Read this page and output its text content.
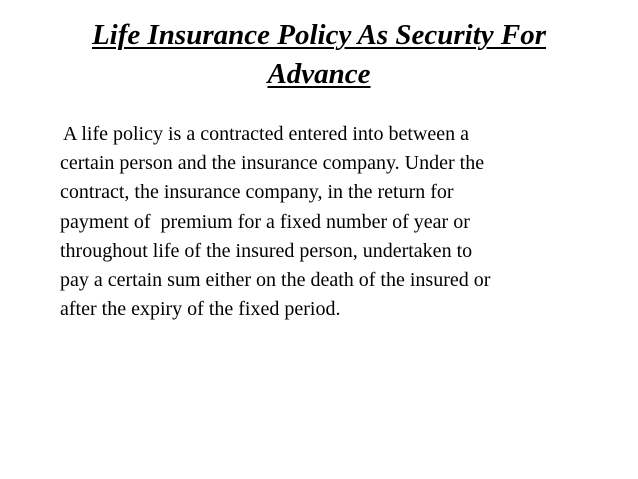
Life Insurance Policy As Security For
Advance
A life policy is a contracted entered into between a
certain person and the insurance company. Under the
contract, the insurance company, in the return for
payment of  premium for a fixed number of year or
throughout life of the insured person, undertaken to
pay a certain sum either on the death of the insured or
after the expiry of the fixed period.
